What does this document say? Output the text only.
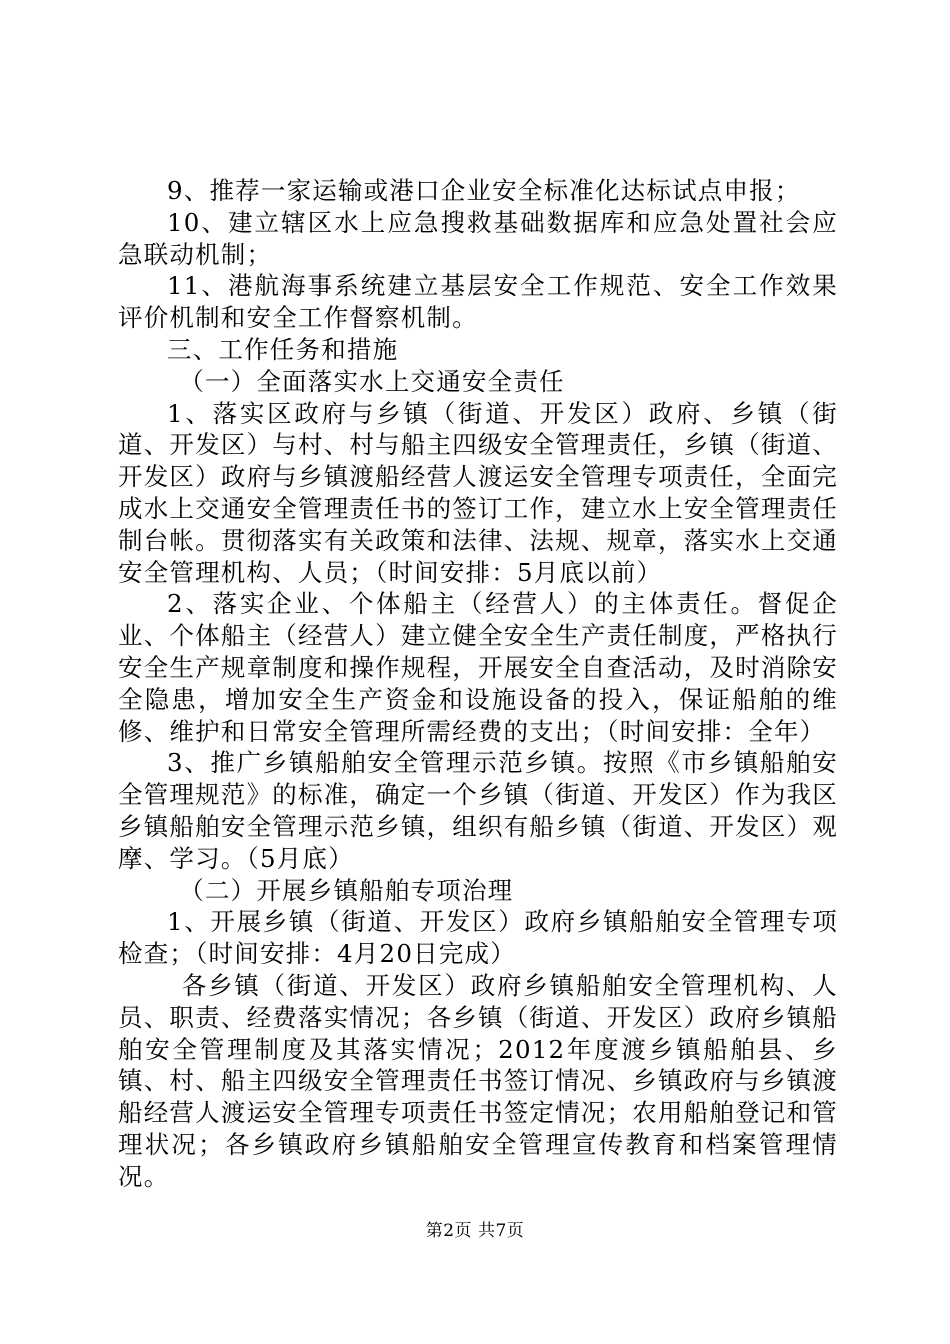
9、推荐一家运输或港口企业安全标准化达标试点申报；

10、建立辖区水上应急搜救基础数据库和应急处置社会应急联动机制；

11、港航海事系统建立基层安全工作规范、安全工作效果评价机制和安全工作督察机制。

三、工作任务和措施

（一）全面落实水上交通安全责任

1、落实区政府与乡镇（街道、开发区）政府、乡镇（街道、开发区）与村、村与船主四级安全管理责任，乡镇（街道、开发区）政府与乡镇渡船经营人渡运安全管理专项责任，全面完成水上交通安全管理责任书的签订工作，建立水上安全管理责任制台帐。贯彻落实有关政策和法律、法规、规章，落实水上交通安全管理机构、人员；（时间安排：5月底以前）

2、落实企业、个体船主（经营人）的主体责任。督促企业、个体船主（经营人）建立健全安全生产责任制度，严格执行安全生产规章制度和操作规程，开展安全自查活动，及时消除安全隐患，增加安全生产资金和设施设备的投入，保证船舶的维修、维护和日常安全管理所需经费的支出；（时间安排：全年）

3、推广乡镇船舶安全管理示范乡镇。按照《市乡镇船舶安全管理规范》的标准，确定一个乡镇（街道、开发区）作为我区乡镇船舶安全管理示范乡镇，组织有船乡镇（街道、开发区）观摩、学习。（5月底）

（二）开展乡镇船舶专项治理

1、开展乡镇（街道、开发区）政府乡镇船舶安全管理专项检查；（时间安排：4月20日完成）

各乡镇（街道、开发区）政府乡镇船舶安全管理机构、人员、职责、经费落实情况；各乡镇（街道、开发区）政府乡镇船舶安全管理制度及其落实情况；2012年度渡乡镇船舶县、乡镇、村、船主四级安全管理责任书签订情况、乡镇政府与乡镇渡船经营人渡运安全管理专项责任书签定情况；农用船舶登记和管理状况；各乡镇政府乡镇船舶安全管理宣传教育和档案管理情况。

第2页 共7页
